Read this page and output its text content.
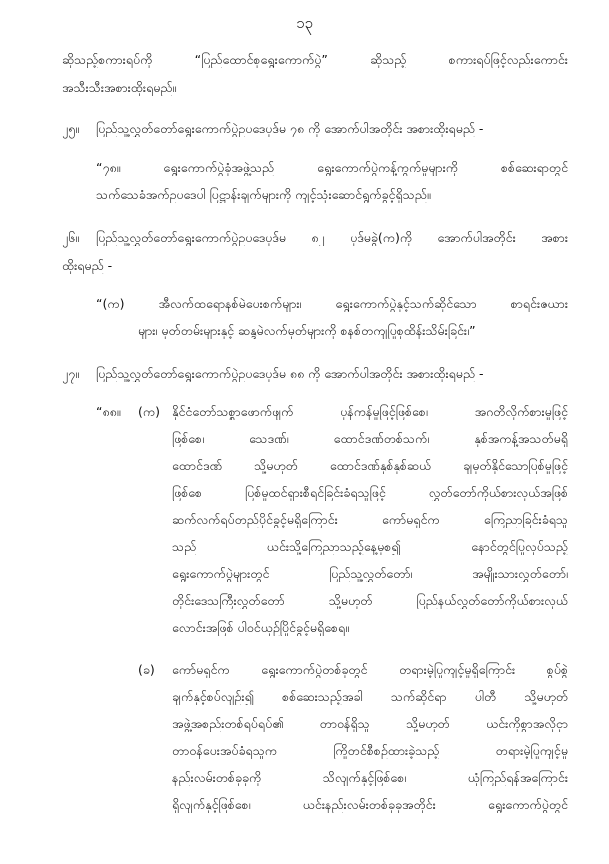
၁၃
ဆိုသည့်စကားရပ်ကို “ပြည်ထောင်စုရွေးကောက်ပွဲ” ဆိုသည့် စကားရပ်ဖြင့်လည်းကောင်း
အသီးသီးအစားထိုးရမည်။
၂၅။ ပြည်သူ့လွှတ်တော်ရွေးကောက်ပွဲဥပဒေပုဒ်မ ၇၈ ကို အောက်ပါအတိုင်း အစားထိုးရမည် -
“၇၈။ ရွေးကောက်ပွဲခုံအဖွဲ့သည် ရွေးကောက်ပွဲကန့်ကွက်မှုများကို စစ်ဆေးရာတွင်
သက်သေခံအက်ဥပဒေပါ ပြဋ္ဌာန်းချက်များကို ကျင့်သုံးဆောင်ရွက်ခွင့်ရှိသည်။
၂၆။ ပြည်သူ့လွှတ်တော်ရွေးကောက်ပွဲဥပဒေပုဒ်မ ၈၂ ပုဒ်မခွဲ(က)ကို အောက်ပါအတိုင်း အစား
ထိုးရမည် -
“(က) အီလက်ထရောနစ်မဲပေးစက်များ၊ ရွေးကောက်ပွဲနှင့်သက်ဆိုင်သော စာရင်းဇယား
များ၊ မှတ်တမ်းများနှင့် ဆန္ဒမဲလက်မှတ်များကို စနစ်တကျပြုစုထိန်းသိမ်းခြင်း၊”
၂၇။ ပြည်သူ့လွှတ်တော်ရွေးကောက်ပွဲဥပဒေပုဒ်မ ၈၈ ကို အောက်ပါအတိုင်း အစားထိုးရမည် -
“၈၈။ (က) နိုင်ငံတော်သစ္စာဖောက်ဖျက် ပုန်ကန်မှုဖြင့်ဖြစ်စေ၊ အဂတိလိုက်စားမှုဖြင့်
ဖြစ်စေ၊ သေဒဏ်၊ ထောင်ဒဏ်တစ်သက်၊ နှစ်အကန့်အသတ်မရှိ
ထောင်ဒဏ် သို့မဟုတ် ထောင်ဒဏ်နှစ်နှစ်ဆယ် ချမှတ်နိုင်သောပြစ်မှုဖြင့်
ဖြစ်စေ ပြစ်မှုထင်ရှားစီရင်ခြင်းခံရသူဖြင့် လွှတ်တော်ကိုယ်စားလှယ်အဖြစ်
ဆက်လက်ရပ်တည်ပိုင်ခွင့်မရှိကြောင်း ကော်မရှင်က ကြေညာခြင်းခံရသူ
သည် ယင်းသို့ကြေညာသည့်နေ့မှစ၍ နောင်တွင်ပြုလုပ်သည့်
ရွေးကောက်ပွဲများတွင် ပြည်သူ့လွှတ်တော်၊ အမျိုးသားလွှတ်တော်၊
တိုင်းဒေသကြီးလွှတ်တော် သို့မဟုတ် ပြည်နယ်လွှတ်တော်ကိုယ်စားလှယ်
လောင်းအဖြစ် ပါဝင်ယှဉ်ပြိုင်ခွင့်မရှိစေရ။
(ခ) ကော်မရှင်က ရွေးကောက်ပွဲတစ်ခုတွင် တရားမဲ့ပြုကျင့်မှုရှိကြောင်း စွပ်စွဲ
ချက်နှင့်စပ်လျဉ်း၍ စစ်ဆေးသည့်အခါ သက်ဆိုင်ရာ ပါတီ သို့မဟုတ်
အဖွဲ့အစည်းတစ်ရပ်ရပ်၏ တာဝန်ရှိသူ သို့မဟုတ် ယင်းကိုစွာအလိုငှာ
တာဝန်ပေးအပ်ခံရသူက ကြိုတင်စီစဉ်ထားခဲ့သည့် တရားမဲ့ပြုကျင့်မှု
နည်းလမ်းတစ်ခုခုကို သိလျက်နှင့်ဖြစ်စေ၊ ယုံကြည်ရန်အကြောင်း
ရှိလျက်နှင့်ဖြစ်စေ၊ ယင်းနည်းလမ်းတစ်ခုခုအတိုင်း ရွေးကောက်ပွဲတွင်
